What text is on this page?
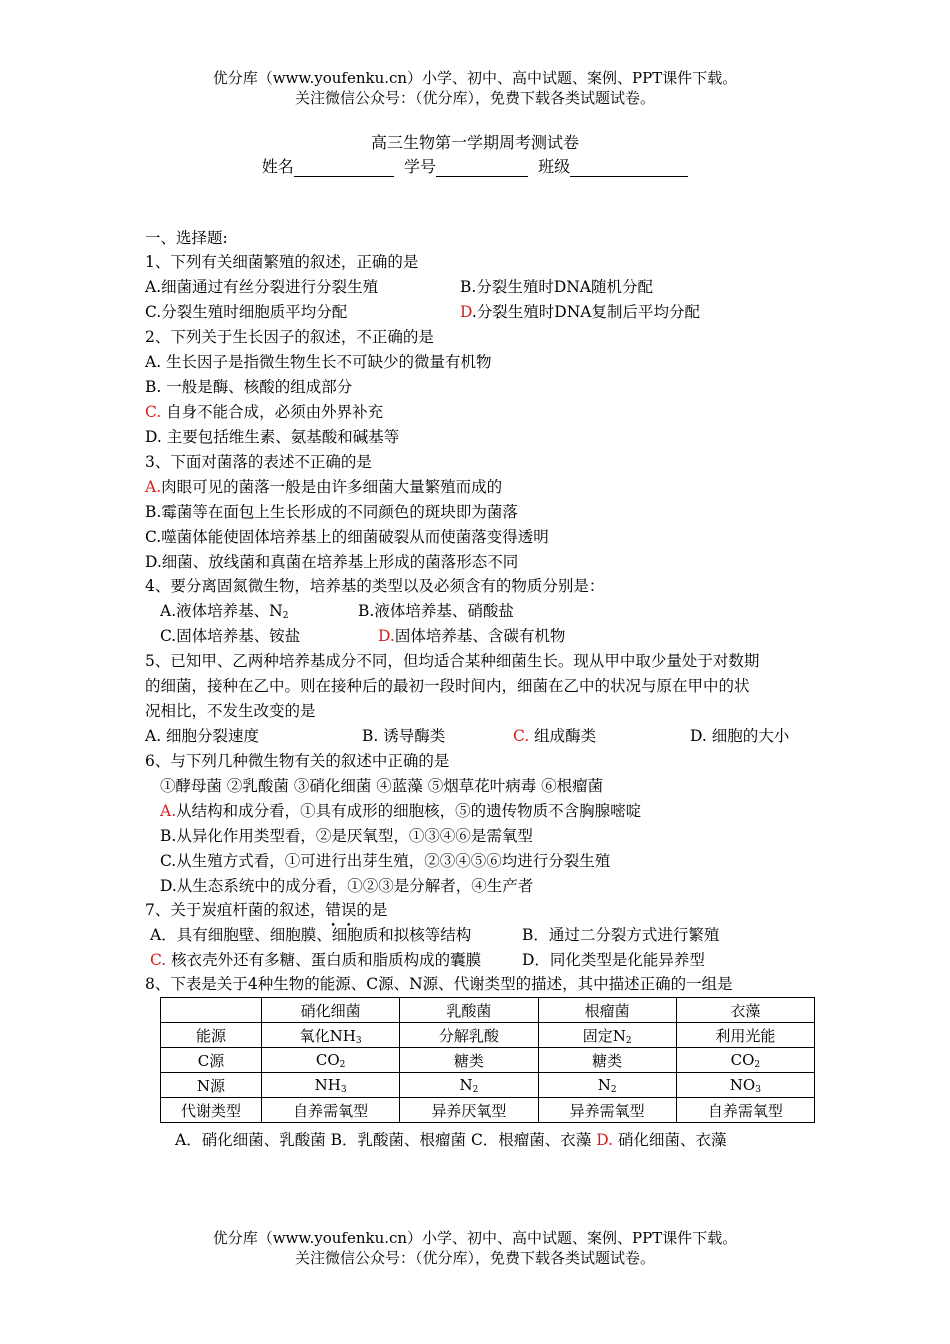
优分库（www.youfenku.cn）小学、初中、高中试题、案例、PPT课件下载。
关注微信公众号：（优分库），免费下载各类试题试卷。
高三生物第一学期周考测试卷
姓名	学号	班级
一、选择题:
1、下列有关细菌繁殖的叙述，正确的是
A.细菌通过有丝分裂进行分裂生殖	B.分裂生殖时DNA随机分配
C.分裂生殖时细胞质平均分配	D.分裂生殖时DNA复制后平均分配
2、下列关于生长因子的叙述，不正确的是
A. 生长因子是指微生物生长不可缺少的微量有机物
B. 一般是酶、核酸的组成部分
C. 自身不能合成，必须由外界补充
D. 主要包括维生素、氨基酸和碱基等
3、下面对菌落的表述不正确的是
A.肉眼可见的菌落一般是由许多细菌大量繁殖而成的
B.霉菌等在面包上生长形成的不同颜色的斑块即为菌落
C.噬菌体能使固体培养基上的细菌破裂从而使菌落变得透明
D.细菌、放线菌和真菌在培养基上形成的菌落形态不同
4、要分离固氮微生物，培养基的类型以及必须含有的物质分别是：
A.液体培养基、$N_2$	B.液体培养基、硝酸盐
C.固体培养基、铵盐	D.固体培养基、含碳有机物
5、已知甲、乙两种培养基成分不同，但均适合某种细菌生长。现从甲中取少量处于对数期
的细菌，接种在乙中。则在接种后的最初一段时间内，细菌在乙中的状况与原在甲中的状
况相比，不发生改变的是
A. 细胞分裂速度	B. 诱导酶类	C. 组成酶类	D. 细胞的大小
6、与下列几种微生物有关的叙述中正确的是
①酵母菌 ②乳酸菌 ③硝化细菌 ④蓝藻 ⑤烟草花叶病毒 ⑥根瘤菌
A.从结构和成分看，①具有成形的细胞核，⑤的遗传物质不含胸腺嘧啶
B.从异化作用类型看，②是厌氧型，①③④⑥是需氧型
C.从生殖方式看，①可进行出芽生殖，②③④⑤⑥均进行分裂生殖
D.从生态系统中的成分看，①②③是分解者，④生产者
7、关于炭疽杆菌的叙述，错误的是
A．具有细胞壁、细胞膜、细胞质和拟核等结构	B．通过二分裂方式进行繁殖
C. 核衣壳外还有多糖、蛋白质和脂质构成的囊膜	D．同化类型是化能异养型
8、下表是关于4种生物的能源、C源、N源、代谢类型的描述，其中描述正确的一组是
	硝化细菌	乳酸菌	根瘤菌	衣藻
能源	氧化$NH_3$	分解乳酸	固定$N_2$	利用光能
C源	$CO_2$	糖类	糖类	$CO_2$
N源	$NH_3$	$N_2$	$N_2$	$NO_3$
代谢类型	自养需氧型	异养厌氧型	异养需氧型	自养需氧型
A．硝化细菌、乳酸菌 B．乳酸菌、根瘤菌 C．根瘤菌、衣藻 D. 硝化细菌、衣藻
优分库（www.youfenku.cn）小学、初中、高中试题、案例、PPT课件下载。
关注微信公众号：（优分库），免费下载各类试题试卷。
